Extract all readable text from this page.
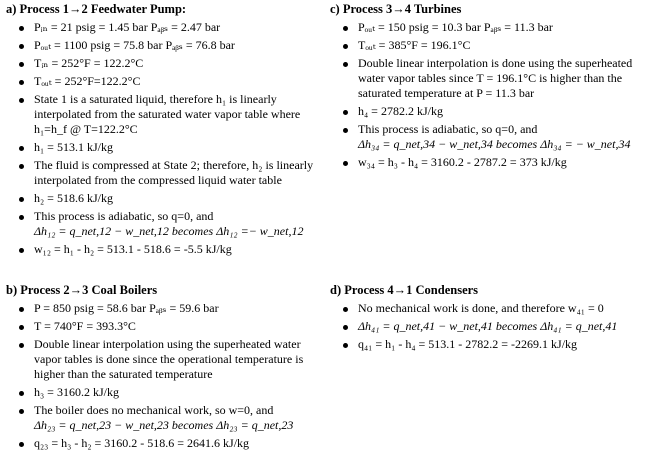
a) Process 1→2 Feedwater Pump:
Pᵢₙ = 21 psig = 1.45 bar Pₐᵦₛ = 2.47 bar
Pₒᵤₜ = 1100 psig = 75.8 bar Pₐᵦₛ = 76.8 bar
Tᵢₙ = 252°F = 122.2°C
Tₒᵤₜ = 252°F=122.2°C
State 1 is a saturated liquid, therefore h₁ is linearly interpolated from the saturated water vapor table where h₁=h_f @ T=122.2°C
h₁ = 513.1 kJ/kg
The fluid is compressed at State 2; therefore, h₂ is linearly interpolated from the compressed liquid water table
h₂ = 518.6 kJ/kg
This process is adiabatic, so q=0, and
Δh₁₂ = q_net,12 − w_net,12 becomes Δh₁₂ =− w_net,12
w₁₂ = h₁ - h₂ = 513.1 - 518.6 = -5.5 kJ/kg
b) Process 2→3 Coal Boilers
P = 850 psig = 58.6 bar Pₐᵦₛ = 59.6 bar
T = 740°F = 393.3°C
Double linear interpolation using the superheated water vapor tables is done since the operational temperature is higher than the saturated temperature
h₃ = 3160.2 kJ/kg
The boiler does no mechanical work, so w=0, and
Δh₂₃ = q_net,23 − w_net,23 becomes Δh₂₃ = q_net,23
q₂₃ = h₃ - h₂ = 3160.2 - 518.6 = 2641.6 kJ/kg
c) Process 3→4 Turbines
Pₒᵤₜ = 150 psig = 10.3 bar Pₐᵦₛ = 11.3 bar
Tₒᵤₜ = 385°F = 196.1°C
Double linear interpolation is done using the superheated water vapor tables since T = 196.1°C is higher than the saturated temperature at P = 11.3 bar
h₄ = 2782.2 kJ/kg
This process is adiabatic, so q=0, and
Δh₃₄ = q_net,34 − w_net,34 becomes Δh₃₄ = − w_net,34
w₃₄ = h₃ - h₄ = 3160.2 - 2787.2 = 373 kJ/kg
d) Process 4→1 Condensers
No mechanical work is done, and therefore w₄₁ = 0
Δh₄₁ = q_net,41 − w_net,41 becomes Δh₄₁ = q_net,41
q₄₁ = h₁ - h₄ = 513.1 - 2782.2 = -2269.1 kJ/kg
